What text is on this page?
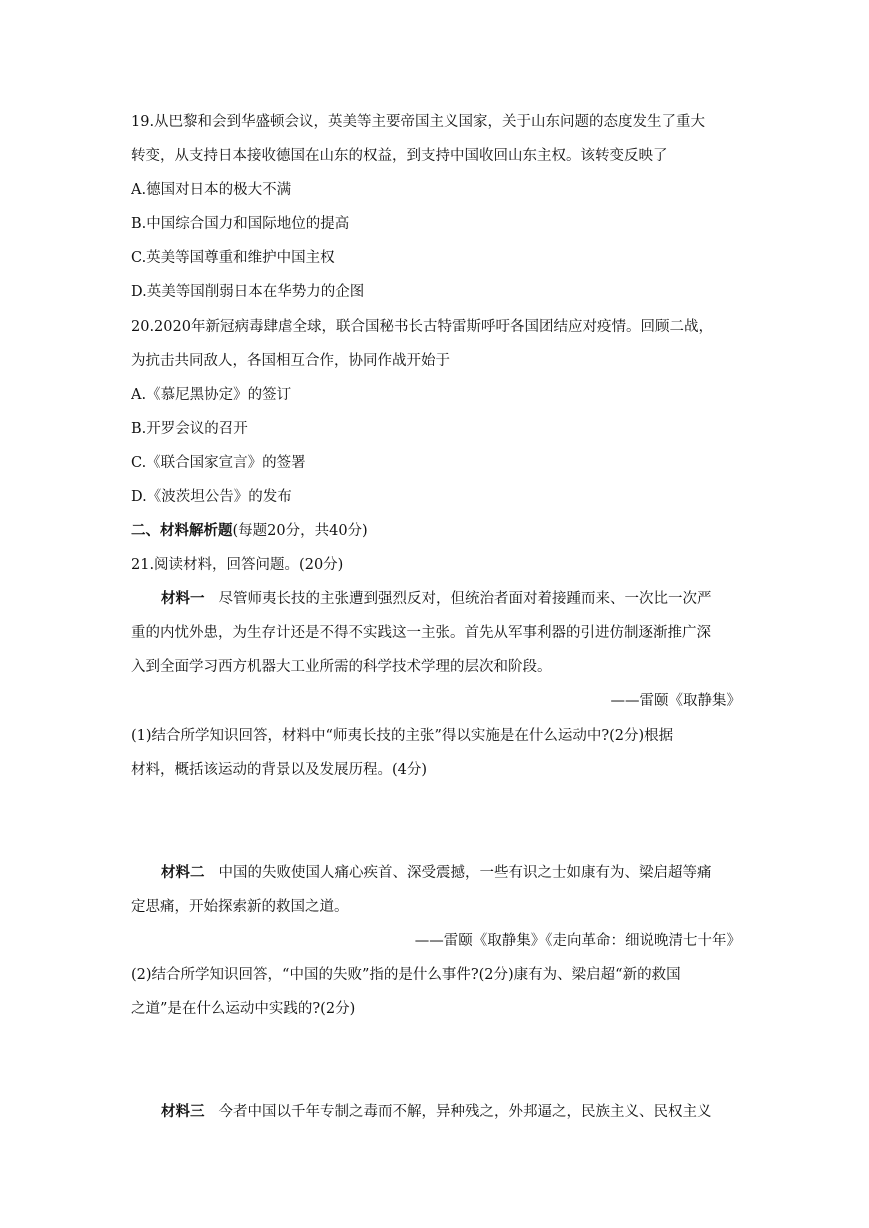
19.从巴黎和会到华盛顿会议，英美等主要帝国主义国家，关于山东问题的态度发生了重大
转变，从支持日本接收德国在山东的权益，到支持中国收回山东主权。该转变反映了
A.德国对日本的极大不满
B.中国综合国力和国际地位的提高
C.英美等国尊重和维护中国主权
D.英美等国削弱日本在华势力的企图
20.2020年新冠病毒肆虐全球，联合国秘书长古特雷斯呼吁各国团结应对疫情。回顾二战，
为抗击共同敌人，各国相互合作，协同作战开始于
A.《慕尼黑协定》的签订
B.开罗会议的召开
C.《联合国家宣言》的签署
D.《波茨坦公告》的发布
二、材料解析题(每题20分，共40分)
21.阅读材料，回答问题。(20分)
材料一 尽管师夷长技的主张遭到强烈反对，但统治者面对着接踵而来、一次比一次严
重的内忧外患，为生存计还是不得不实践这一主张。首先从军事利器的引进仿制逐渐推广深
入到全面学习西方机器大工业所需的科学技术学理的层次和阶段。
——雷颐《取静集》
(1)结合所学知识回答，材料中“师夷长技的主张”得以实施是在什么运动中?(2分)根据
材料，概括该运动的背景以及发展历程。(4分)
材料二 中国的失败使国人痛心疾首、深受震撼，一些有识之士如康有为、梁启超等痛
定思痛，开始探索新的救国之道。
——雷颐《取静集》《走向革命：细说晚清七十年》
(2)结合所学知识回答，“中国的失败”指的是什么事件?(2分)康有为、梁启超“新的救国
之道”是在什么运动中实践的?(2分)
材料三 今者中国以千年专制之毒而不解，异种残之，外邦逼之，民族主义、民权主义
